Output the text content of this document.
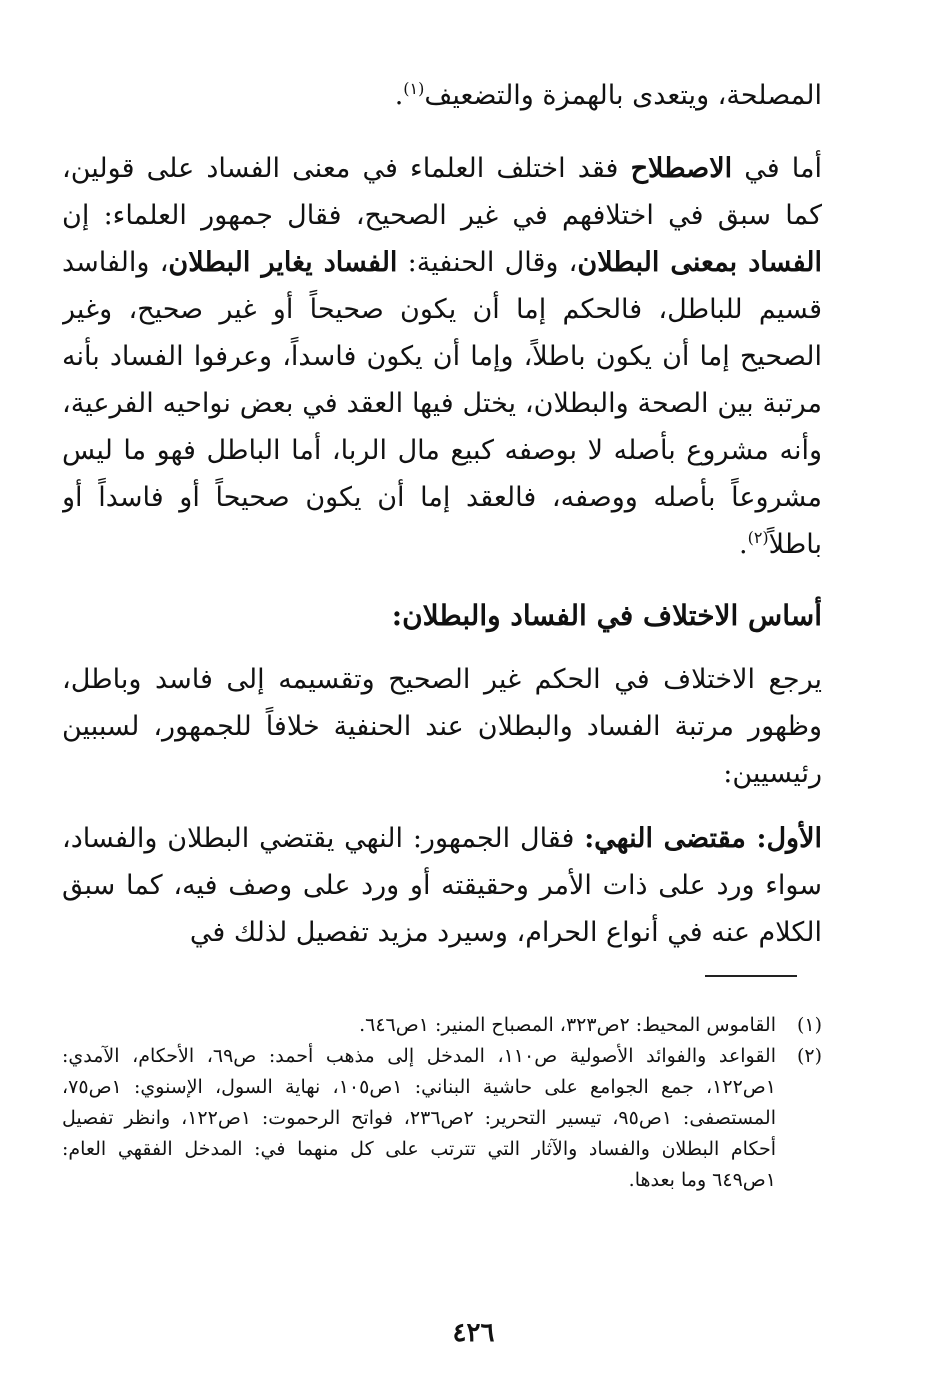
المصلحة، ويتعدى بالهمزة والتضعيف$^{(١)}$.
أما في الاصطلاح فقد اختلف العلماء في معنى الفساد على قولين، كما سبق في اختلافهم في غير الصحيح، فقال جمهور العلماء: إن الفساد بمعنى البطلان، وقال الحنفية: الفساد يغاير البطلان، والفاسد قسيم للباطل، فالحكم إما أن يكون صحيحاً أو غير صحيح، وغير الصحيح إما أن يكون باطلاً، وإما أن يكون فاسداً، وعرفوا الفساد بأنه مرتبة بين الصحة والبطلان، يختل فيها العقد في بعض نواحيه الفرعية، وأنه مشروع بأصله لا بوصفه كبيع مال الربا، أما الباطل فهو ما ليس مشروعاً بأصله ووصفه، فالعقد إما أن يكون صحيحاً أو فاسداً أو باطلاً$^{(٢)}$.
أساس الاختلاف في الفساد والبطلان:
يرجع الاختلاف في الحكم غير الصحيح وتقسيمه إلى فاسد وباطل، وظهور مرتبة الفساد والبطلان عند الحنفية خلافاً للجمهور، لسببين رئيسيين:
الأول: مقتضى النهي: فقال الجمهور: النهي يقتضي البطلان والفساد، سواء ورد على ذات الأمر وحقيقته أو ورد على وصف فيه، كما سبق الكلام عنه في أنواع الحرام، وسيرد مزيد تفصيل لذلك في
(١)
القاموس المحيط: ٢ص٣٢٣، المصباح المنير: ١ص٦٤٦.
(٢)
القواعد والفوائد الأصولية ص١١٠، المدخل إلى مذهب أحمد: ص٦٩، الأحكام، الآمدي: ١ص١٢٢، جمع الجوامع على حاشية البناني: ١ص١٠٥، نهاية السول، الإسنوي: ١ص٧٥، المستصفى: ١ص٩٥، تيسير التحرير: ٢ص٢٣٦، فواتح الرحموت: ١ص١٢٢، وانظر تفصيل أحكام البطلان والفساد والآثار التي تترتب على كل منهما في: المدخل الفقهي العام: ١ص٦٤٩ وما بعدها.
٤٢٦
